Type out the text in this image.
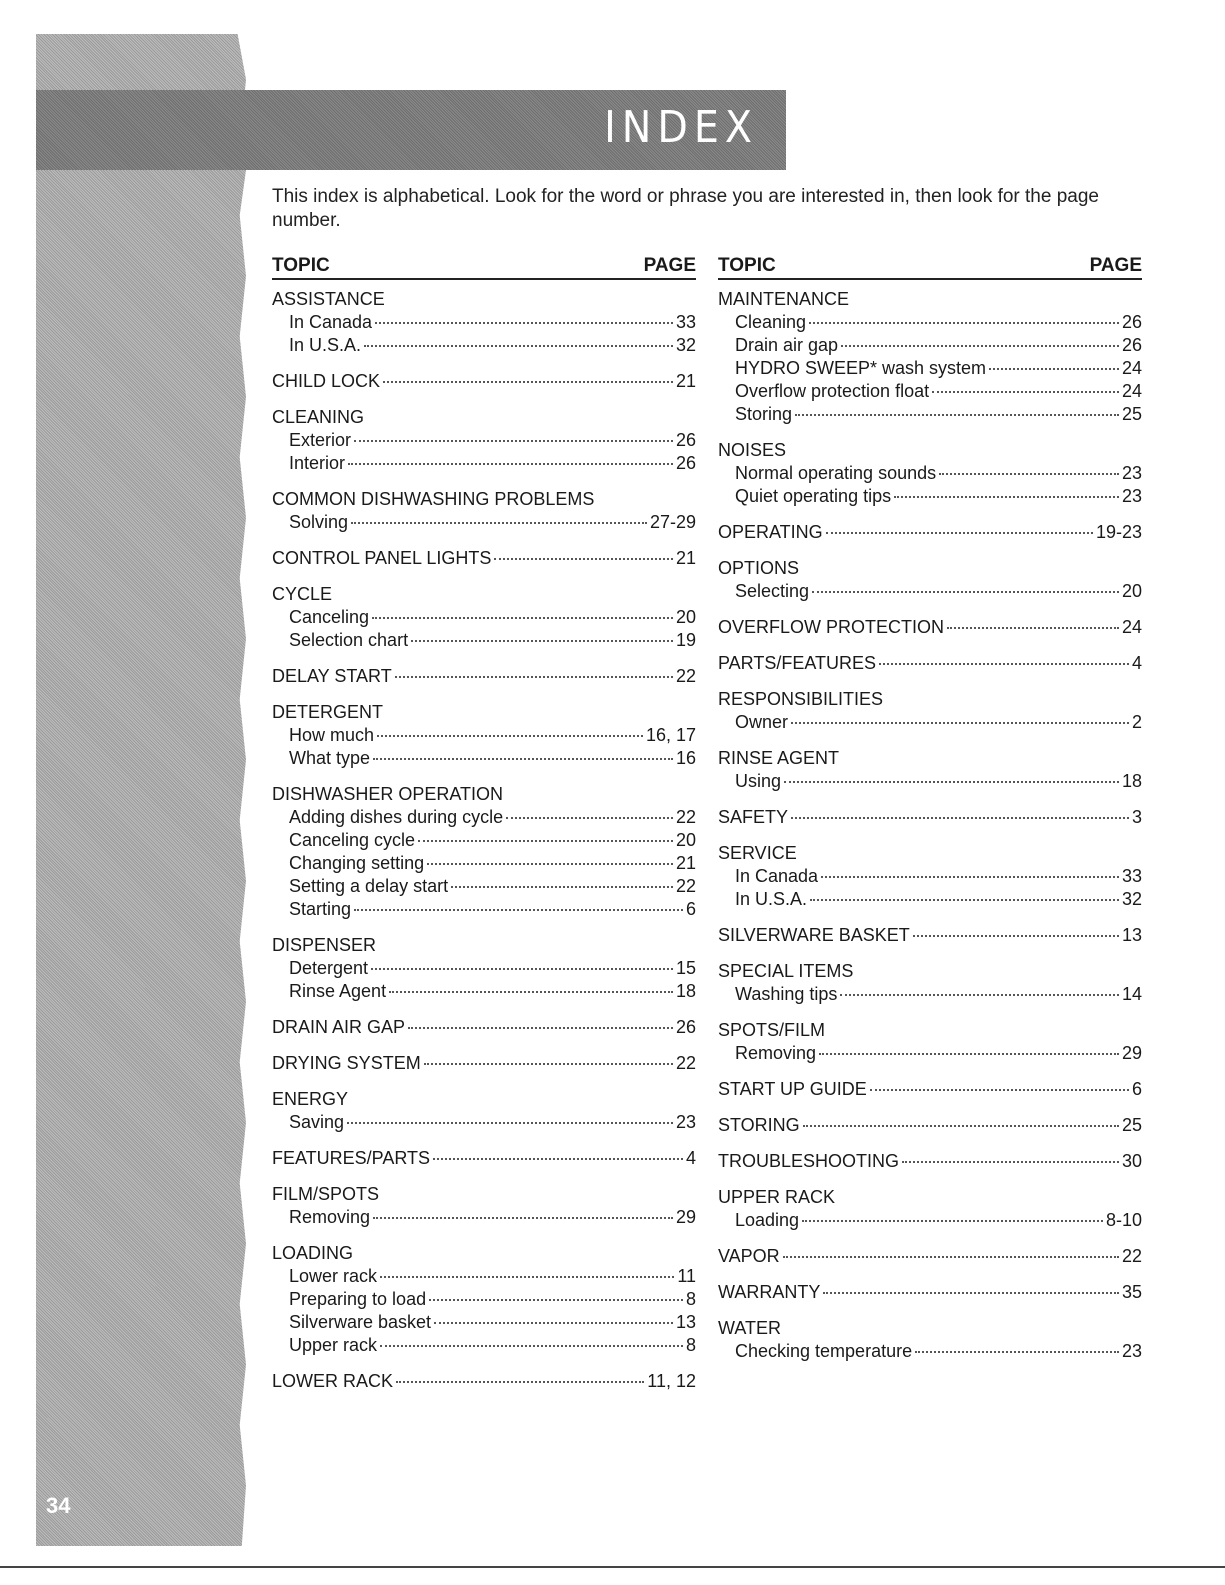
INDEX
34
This index is alphabetical. Look for the word or phrase you are interested in, then look for the page number.
TOPIC	PAGE
ASSISTANCE
In Canada	33
In U.S.A.	32
CHILD LOCK	21
CLEANING
Exterior	26
Interior	26
COMMON DISHWASHING PROBLEMS
Solving	27-29
CONTROL PANEL LIGHTS	21
CYCLE
Canceling	20
Selection chart	19
DELAY START	22
DETERGENT
How much	16, 17
What type	16
DISHWASHER OPERATION
Adding dishes during cycle	22
Canceling cycle	20
Changing setting	21
Setting a delay start	22
Starting	6
DISPENSER
Detergent	15
Rinse Agent	18
DRAIN AIR GAP	26
DRYING SYSTEM	22
ENERGY
Saving	23
FEATURES/PARTS	4
FILM/SPOTS
Removing	29
LOADING
Lower rack	11
Preparing to load	8
Silverware basket	13
Upper rack	8
LOWER RACK	11, 12
TOPIC	PAGE
MAINTENANCE
Cleaning	26
Drain air gap	26
HYDRO SWEEP* wash system	24
Overflow protection float	24
Storing	25
NOISES
Normal operating sounds	23
Quiet operating tips	23
OPERATING	19-23
OPTIONS
Selecting	20
OVERFLOW PROTECTION	24
PARTS/FEATURES	4
RESPONSIBILITIES
Owner	2
RINSE AGENT
Using	18
SAFETY	3
SERVICE
In Canada	33
In U.S.A.	32
SILVERWARE BASKET	13
SPECIAL ITEMS
Washing tips	14
SPOTS/FILM
Removing	29
START UP GUIDE	6
STORING	25
TROUBLESHOOTING	30
UPPER RACK
Loading	8-10
VAPOR	22
WARRANTY	35
WATER
Checking temperature	23
